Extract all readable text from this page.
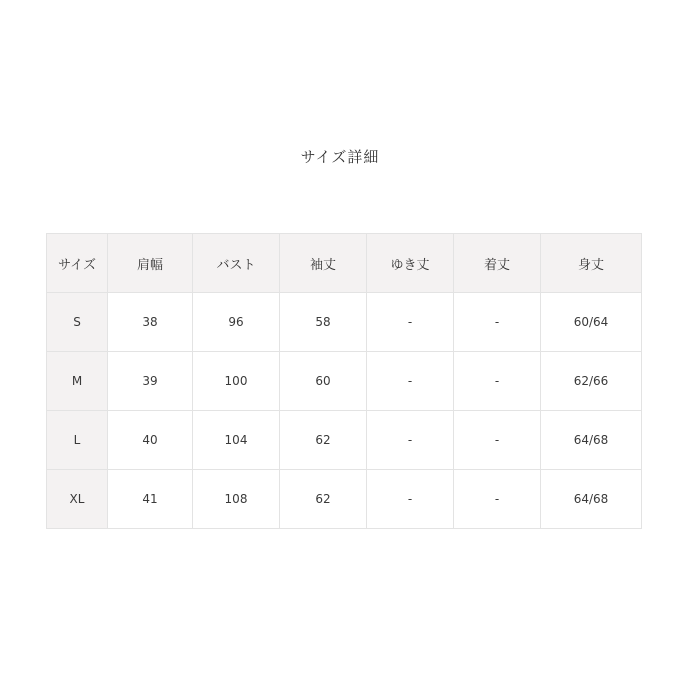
サイズ詳細
サイズ	肩幅	バスト	袖丈	ゆき丈	着丈	身丈
S	38	96	58	-	-	60/64
M	39	100	60	-	-	62/66
L	40	104	62	-	-	64/68
XL	41	108	62	-	-	64/68
